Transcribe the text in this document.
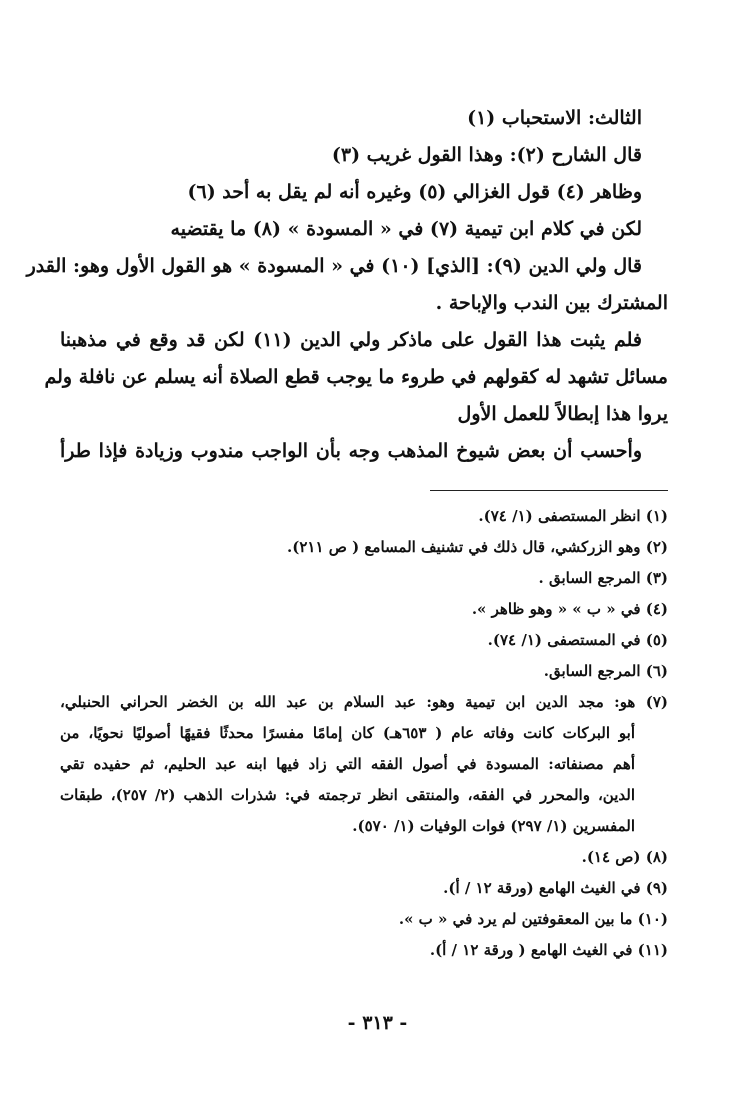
الثالث: الاستحباب (١)

قال الشارح (٢): وهذا القول غريب (٣)

وظاهر (٤) قول الغزالي (٥) وغيره أنه لم يقل به أحد (٦)

لكن في كلام ابن تيمية (٧) في « المسودة » (٨) ما يقتضيه

قال ولي الدين (٩): [الذي] (١٠) في « المسودة » هو القول الأول وهو: القدر

المشترك بين الندب والإباحة .

فلم يثبت هذا القول على ماذكر ولي الدين (١١) لكن قد وقع في مذهبنا

مسائل تشهد له كقولهم في طروء ما يوجب قطع الصلاة أنه يسلم عن نافلة ولم

يروا هذا إبطالاً للعمل الأول

وأحسب أن بعض شيوخ المذهب وجه بأن الواجب مندوب وزيادة فإذا طرأ

(١) انظر المستصفى (١/ ٧٤).

(٢) وهو الزركشي، قال ذلك في تشنيف المسامع ( ص ٢١١).

(٣) المرجع السابق .

(٤) في « ب » « وهو ظاهر ».

(٥) في المستصفى (١/ ٧٤).

(٦) المرجع السابق.

(٧) هو: مجد الدين ابن تيمية وهو: عبد السلام بن عبد الله بن الخضر الحراني الحنبلي،

أبو البركات كانت وفاته عام ( ٦٥٣هـ) كان إمامًا مفسرًا محدثًا فقيهًا أصوليًا نحويًا، من

أهم مصنفاته: المسودة في أصول الفقه التي زاد فيها ابنه عبد الحليم، ثم حفيده تقي

الدين، والمحرر في الفقه، والمنتقى انظر ترجمته في: شذرات الذهب (٢/ ٢٥٧)، طبقات

المفسرين (١/ ٢٩٧) فوات الوفيات (١/ ٥٧٠).

(٨) (ص ١٤).

(٩) في الغيث الهامع (ورقة ١٢ / أ).

(١٠) ما بين المعقوفتين لم يرد في « ب ».

(١١) في الغيث الهامع ( ورقة ١٢ / أ).

- ٣١٣ -
